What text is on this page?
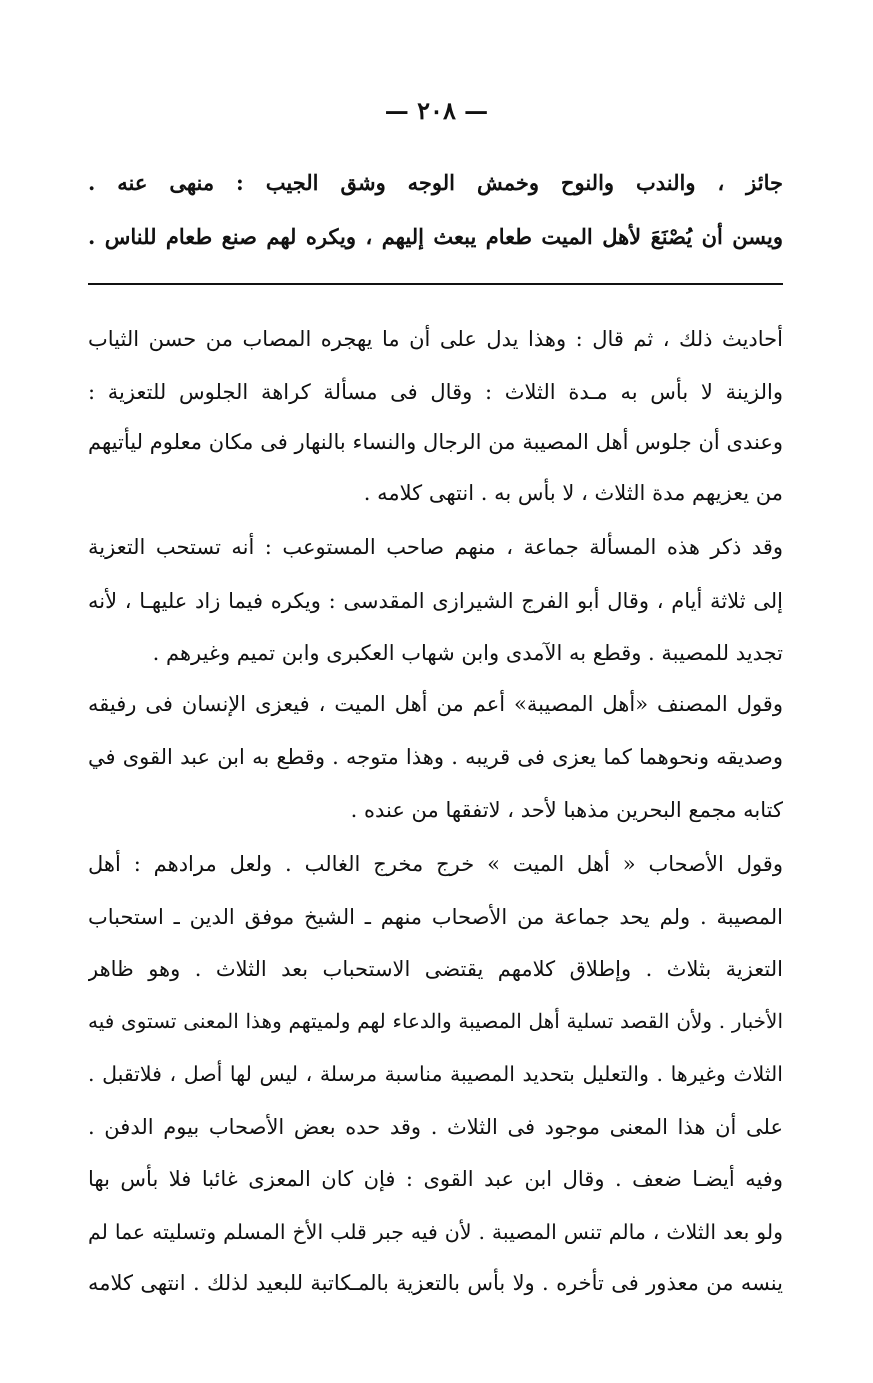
— ٢٠٨ —
جائز ، والندب والنوح وخمش الوجه وشق الجيب : منهى عنه .
ويسن أن يُصْنَعَ لأهل الميت طعام يبعث إليهم ، ويكره لهم صنع طعام للناس .
أحاديث ذلك ، ثم قال : وهذا يدل على أن ما يهجره المصاب من حسن الثياب
والزينة لا بأس به مـدة الثلاث : وقال فى مسألة كراهة الجلوس للتعزية :
وعندى أن جلوس أهل المصيبة من الرجال والنساء بالنهار فى مكان معلوم ليأتيهم
من يعزيهم مدة الثلاث ، لا بأس به . انتهى كلامه .
وقد ذكر هذه المسألة جماعة ، منهم صاحب المستوعب : أنه تستحب التعزية
إلى ثلاثة أيام ، وقال أبو الفرج الشيرازى المقدسى : ويكره فيما زاد عليهـا ، لأنه
تجديد للمصيبة . وقطع به الآمدى وابن شهاب العكبرى وابن تميم وغيرهم .
وقول المصنف «أهل المصيبة» أعم من أهل الميت ، فيعزى الإنسان فى رفيقه
وصديقه ونحوهما كما يعزى فى قريبه . وهذا متوجه . وقطع به ابن عبد القوى في
كتابه مجمع البحرين مذهبا لأحد ، لاتفقها من عنده .
وقول الأصحاب « أهل الميت » خرج مخرج الغالب . ولعل مرادهم : أهل
المصيبة . ولم يحد جماعة من الأصحاب منهم ـ الشيخ موفق الدين ـ استحباب
التعزية بثلاث . وإطلاق كلامهم يقتضى الاستحباب بعد الثلاث . وهو ظاهر
الأخبار . ولأن القصد تسلية أهل المصيبة والدعاء لهم ولميتهم وهذا المعنى تستوى فيه
الثلاث وغيرها . والتعليل بتحديد المصيبة مناسبة مرسلة ، ليس لها أصل ، فلاتقبل .
على أن هذا المعنى موجود فى الثلاث . وقد حده بعض الأصحاب بيوم الدفن .
وفيه أيضـا ضعف . وقال ابن عبد القوى : فإن كان المعزى غائبا فلا بأس بها
ولو بعد الثلاث ، مالم تنس المصيبة . لأن فيه جبر قلب الأخ المسلم وتسليته عما لم
ينسه من معذور فى تأخره . ولا بأس بالتعزية بالمـكاتبة للبعيد لذلك . انتهى كلامه
